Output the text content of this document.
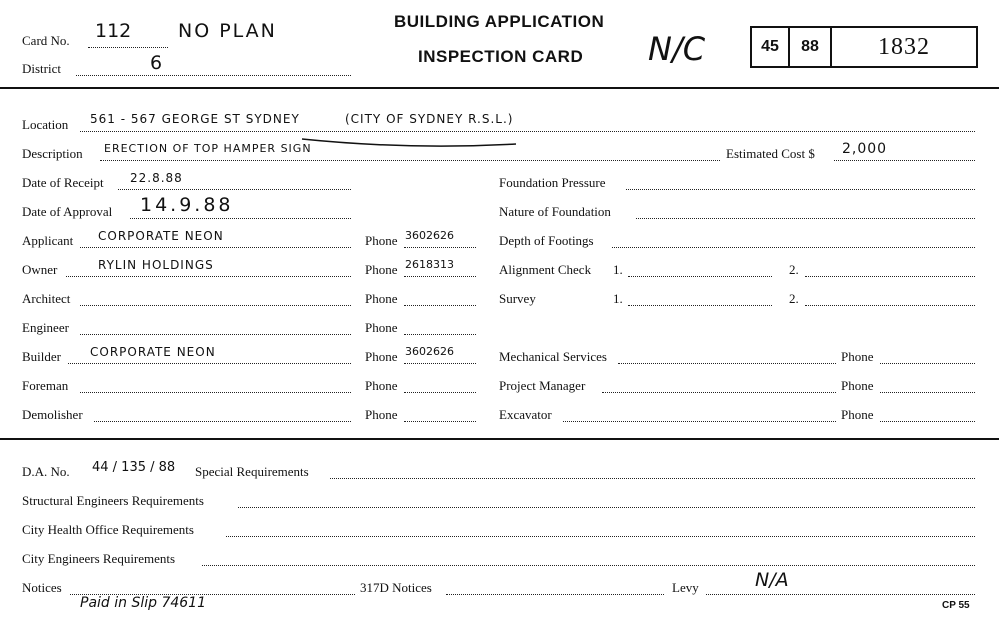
Card No. 112 NO PLAN
District	6
BUILDING APPLICATION
INSPECTION CARD N/C	45 88 1832
Location 561 - 567 GEORGE ST SYDNEY	(CITY OF SYDNEY R.S.L.)
Description ERECTION OF TOP HAMPER SIGN	Estimated Cost $ 2,000
Date of Receipt 22.8.88
Date of Approval 14.9.88
Applicant CORPORATE NEON	Phone 3602626
Owner	RYLIN HOLDINGS	Phone 2618313
Architect	Phone
Engineer	Phone
Builder CORPORATE NEON	Phone 3602626
Foreman	Phone
Demolisher	Phone
Foundation Pressure
Nature of Foundation
Depth of Footings
Alignment Check 1.	2.
Survey	1.	2.
Mechanical Services	Phone
Project Manager	Phone
Excavator	Phone
D.A. No. 44 / 135 / 88 Special Requirements
Structural Engineers Requirements
City Health Office Requirements
City Engineers Requirements
Notices	317D Notices	Levy	N/A
Paid in Slip 74611	CP 55
